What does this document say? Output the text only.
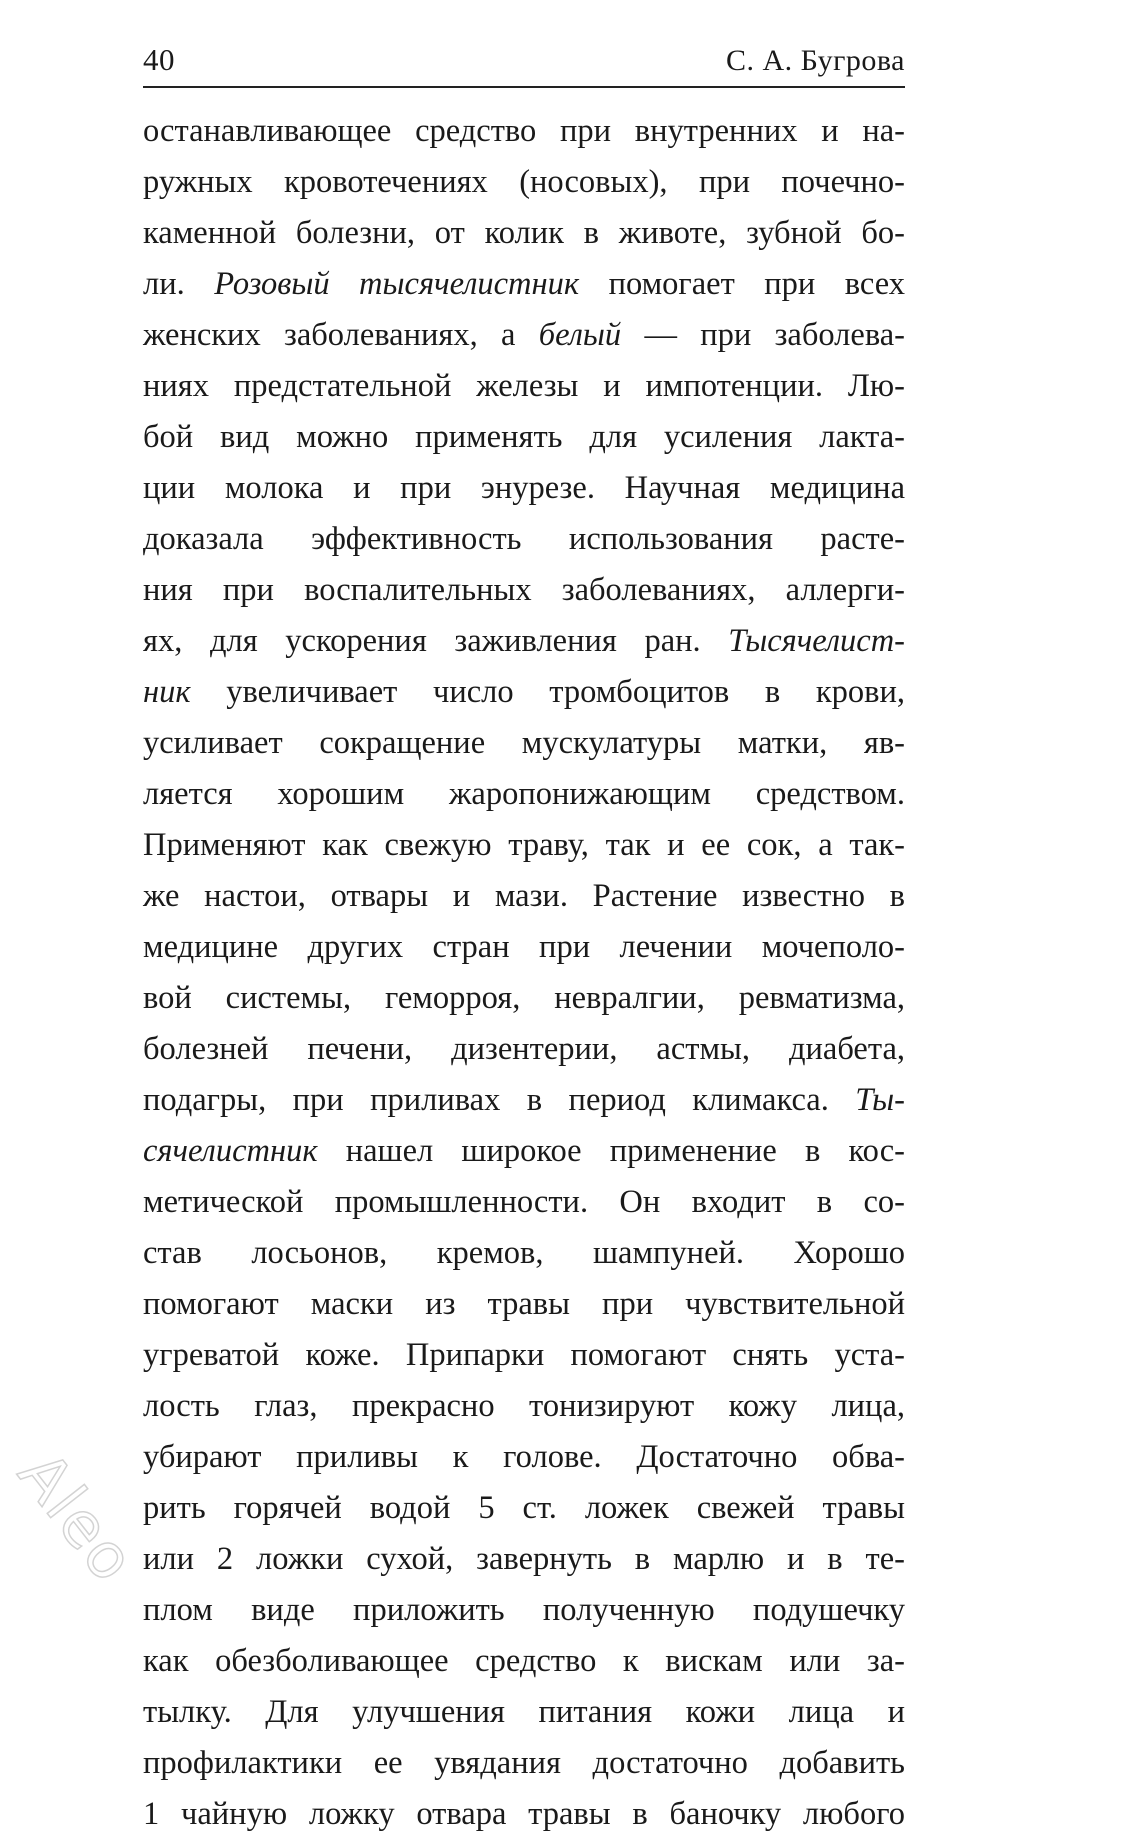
40	С. А. Бугрова
останавливающее средство при внутренних и на-
ружных кровотечениях (носовых), при почечно-
каменной болезни, от колик в животе, зубной бо-
ли. Розовый тысячелистник помогает при всех
женских заболеваниях, а белый — при заболева-
ниях предстательной железы и импотенции. Лю-
бой вид можно применять для усиления лакта-
ции молока и при энурезе. Научная медицина
доказала эффективность использования расте-
ния при воспалительных заболеваниях, аллерги-
ях, для ускорения заживления ран. Тысячелист-
ник увеличивает число тромбоцитов в крови,
усиливает сокращение мускулатуры матки, яв-
ляется хорошим жаропонижающим средством.
Применяют как свежую траву, так и ее сок, а так-
же настои, отвары и мази. Растение известно в
медицине других стран при лечении мочеполо-
вой системы, геморроя, невралгии, ревматизма,
болезней печени, дизентерии, астмы, диабета,
подагры, при приливах в период климакса. Ты-
сячелистник нашел широкое применение в кос-
метической промышленности. Он входит в со-
став лосьонов, кремов, шампуней. Хорошо
помогают маски из травы при чувствительной
угреватой коже. Припарки помогают снять уста-
лость глаз, прекрасно тонизируют кожу лица,
убирают приливы к голове. Достаточно обва-
рить горячей водой 5 ст. ложек свежей травы
или 2 ложки сухой, завернуть в марлю и в те-
плом виде приложить полученную подушечку
как обезболивающее средство к вискам или за-
тылку. Для улучшения питания кожи лица и
профилактики ее увядания достаточно добавить
1 чайную ложку отвара травы в баночку любого
Aleo
